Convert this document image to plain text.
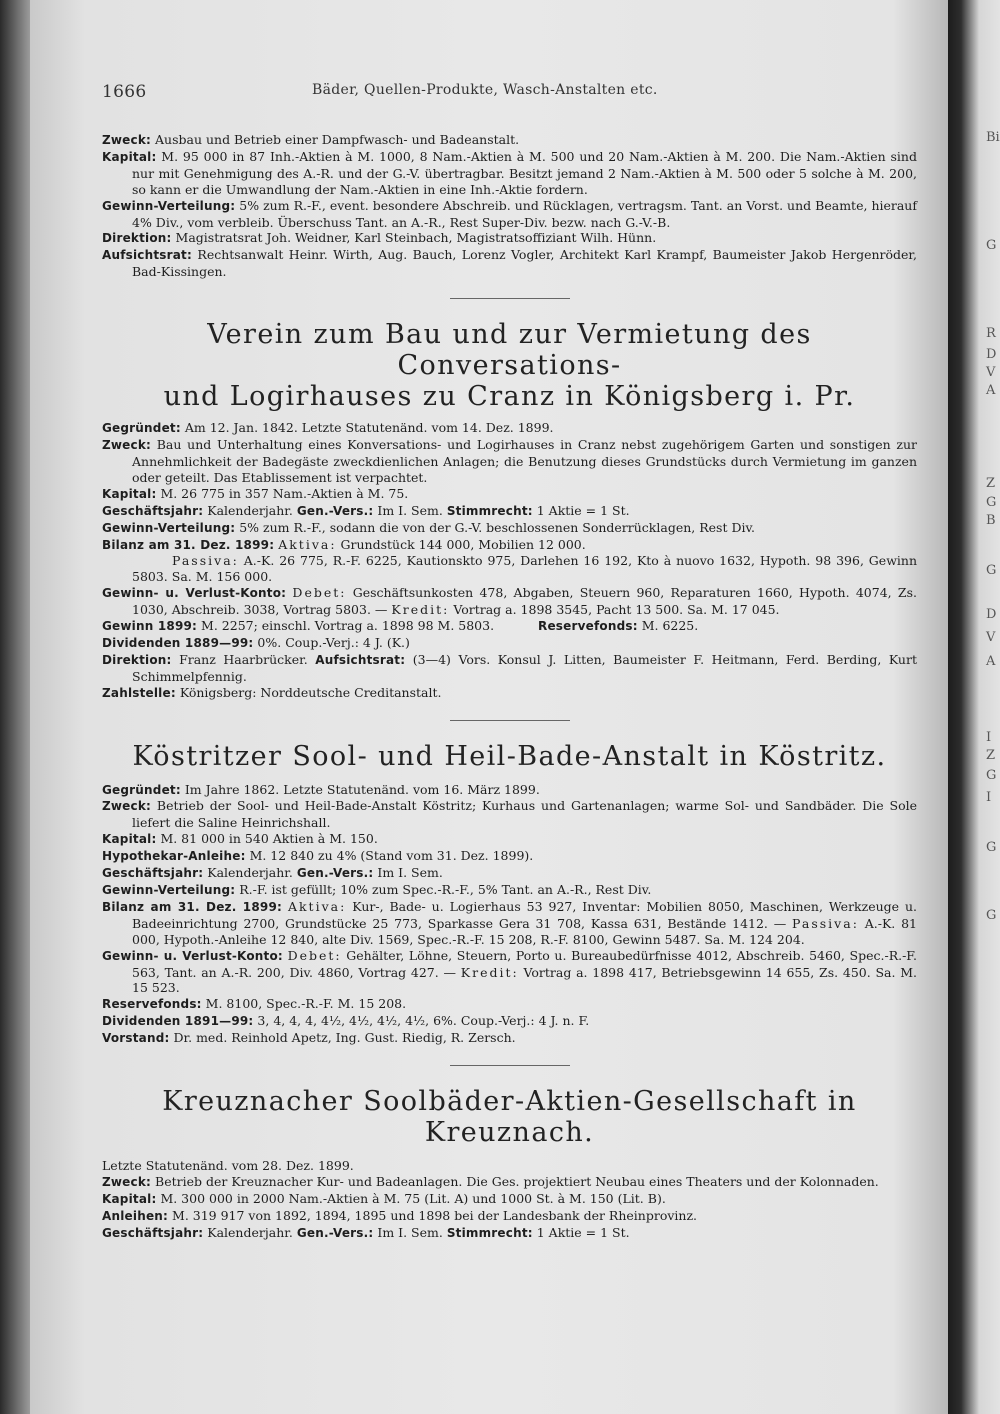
Bi
G
R
D
V
A
Z
G
B
G
D
V
A
I
Z
G
I
G
G
1666	Bäder, Quellen-Produkte, Wasch-Anstalten etc.

Zweck: Ausbau und Betrieb einer Dampfwasch- und Badeanstalt.

Kapital: M. 95 000 in 87 Inh.-Aktien à M. 1000, 8 Nam.-Aktien à M. 500 und 20 Nam.-Aktien à M. 200. Die Nam.-Aktien sind nur mit Genehmigung des A.-R. und der G.-V. übertragbar. Besitzt jemand 2 Nam.-Aktien à M. 500 oder 5 solche à M. 200, so kann er die Umwandlung der Nam.-Aktien in eine Inh.-Aktie fordern.

Gewinn-Verteilung: 5% zum R.-F., event. besondere Abschreib. und Rücklagen, vertragsm. Tant. an Vorst. und Beamte, hierauf 4% Div., vom verbleib. Überschuss Tant. an A.-R., Rest Super-Div. bezw. nach G.-V.-B.

Direktion: Magistratsrat Joh. Weidner, Karl Steinbach, Magistratsoffiziant Wilh. Hünn.

Aufsichtsrat: Rechtsanwalt Heinr. Wirth, Aug. Bauch, Lorenz Vogler, Architekt Karl Krampf, Baumeister Jakob Hergenröder, Bad-Kissingen.

Verein zum Bau und zur Vermietung des Conversations-
und Logirhauses zu Cranz in Königsberg i. Pr.

Gegründet: Am 12. Jan. 1842. Letzte Statutenänd. vom 14. Dez. 1899.

Zweck: Bau und Unterhaltung eines Konversations- und Logirhauses in Cranz nebst zugehörigem Garten und sonstigen zur Annehmlichkeit der Badegäste zweckdienlichen Anlagen; die Benutzung dieses Grundstücks durch Vermietung im ganzen oder geteilt. Das Etablissement ist verpachtet.

Kapital: M. 26 775 in 357 Nam.-Aktien à M. 75.

Geschäftsjahr: Kalenderjahr. Gen.-Vers.: Im I. Sem. Stimmrecht: 1 Aktie = 1 St.

Gewinn-Verteilung: 5% zum R.-F., sodann die von der G.-V. beschlossenen Sonderrücklagen, Rest Div.

Bilanz am 31. Dez. 1899: Aktiva: Grundstück 144 000, Mobilien 12 000.

Passiva: A.-K. 26 775, R.-F. 6225, Kautionskto 975, Darlehen 16 192, Kto à nuovo 1632, Hypoth. 98 396, Gewinn 5803. Sa. M. 156 000.

Gewinn- u. Verlust-Konto: Debet: Geschäftsunkosten 478, Abgaben, Steuern 960, Reparaturen 1660, Hypoth. 4074, Zs. 1030, Abschreib. 3038, Vortrag 5803. — Kredit: Vortrag a. 1898 3545, Pacht 13 500. Sa. M. 17 045.

Gewinn 1899: M. 2257; einschl. Vortrag a. 1898 98 M. 5803.	Reservefonds: M. 6225.

Dividenden 1889—99: 0%. Coup.-Verj.: 4 J. (K.)

Direktion: Franz Haarbrücker. Aufsichtsrat: (3—4) Vors. Konsul J. Litten, Baumeister F. Heitmann, Ferd. Berding, Kurt Schimmelpfennig.

Zahlstelle: Königsberg: Norddeutsche Creditanstalt.

Köstritzer Sool- und Heil-Bade-Anstalt in Köstritz.

Gegründet: Im Jahre 1862. Letzte Statutenänd. vom 16. März 1899.

Zweck: Betrieb der Sool- und Heil-Bade-Anstalt Köstritz; Kurhaus und Gartenanlagen; warme Sol- und Sandbäder. Die Sole liefert die Saline Heinrichshall.

Kapital: M. 81 000 in 540 Aktien à M. 150.

Hypothekar-Anleihe: M. 12 840 zu 4% (Stand vom 31. Dez. 1899).

Geschäftsjahr: Kalenderjahr. Gen.-Vers.: Im I. Sem.

Gewinn-Verteilung: R.-F. ist gefüllt; 10% zum Spec.-R.-F., 5% Tant. an A.-R., Rest Div.

Bilanz am 31. Dez. 1899: Aktiva: Kur-, Bade- u. Logierhaus 53 927, Inventar: Mobilien 8050, Maschinen, Werkzeuge u. Badeeinrichtung 2700, Grundstücke 25 773, Sparkasse Gera 31 708, Kassa 631, Bestände 1412. — Passiva: A.-K. 81 000, Hypoth.-Anleihe 12 840, alte Div. 1569, Spec.-R.-F. 15 208, R.-F. 8100, Gewinn 5487. Sa. M. 124 204.

Gewinn- u. Verlust-Konto: Debet: Gehälter, Löhne, Steuern, Porto u. Bureaubedürfnisse 4012, Abschreib. 5460, Spec.-R.-F. 563, Tant. an A.-R. 200, Div. 4860, Vortrag 427. — Kredit: Vortrag a. 1898 417, Betriebsgewinn 14 655, Zs. 450. Sa. M. 15 523.

Reservefonds: M. 8100, Spec.-R.-F. M. 15 208.

Dividenden 1891—99: 3, 4, 4, 4, 4½, 4½, 4½, 4½, 6%. Coup.-Verj.: 4 J. n. F.

Vorstand: Dr. med. Reinhold Apetz, Ing. Gust. Riedig, R. Zersch.

Kreuznacher Soolbäder-Aktien-Gesellschaft in Kreuznach.

Letzte Statutenänd. vom 28. Dez. 1899.

Zweck: Betrieb der Kreuznacher Kur- und Badeanlagen. Die Ges. projektiert Neubau eines Theaters und der Kolonnaden.

Kapital: M. 300 000 in 2000 Nam.-Aktien à M. 75 (Lit. A) und 1000 St. à M. 150 (Lit. B).

Anleihen: M. 319 917 von 1892, 1894, 1895 und 1898 bei der Landesbank der Rheinprovinz.

Geschäftsjahr: Kalenderjahr. Gen.-Vers.: Im I. Sem. Stimmrecht: 1 Aktie = 1 St.
